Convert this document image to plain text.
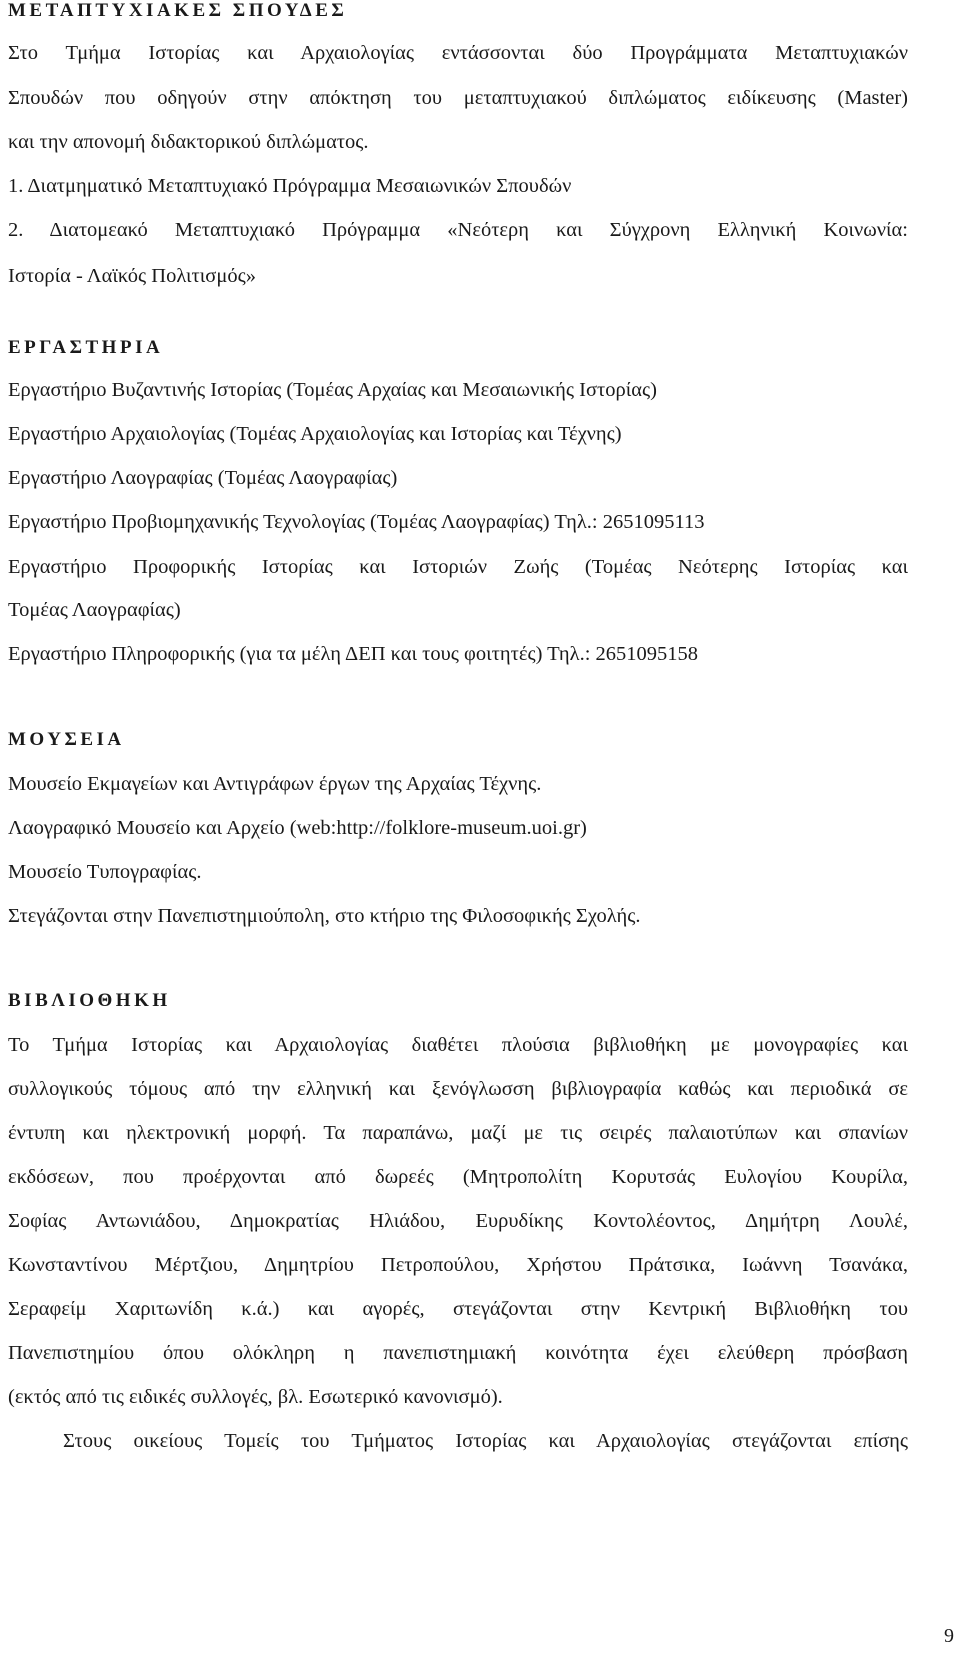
ΜΕΤΑΠΤΥΧΙΑΚΕΣ ΣΠΟΥΔΕΣ

Στο Τμήμα Ιστορίας και Αρχαιολογίας εντάσσονται δύο Προγράμματα Μεταπτυχιακών

Σπουδών που οδηγούν στην απόκτηση του μεταπτυχιακού διπλώματος ειδίκευσης (Master)

και την απονομή διδακτορικού διπλώματος.

1. Διατμηματικό Μεταπτυχιακό Πρόγραμμα Μεσαιωνικών Σπουδών

2. Διατομεακό Μεταπτυχιακό Πρόγραμμα «Νεότερη και Σύγχρονη Ελληνική Κοινωνία:

Ιστορία - Λαϊκός Πολιτισμός»

ΕΡΓΑΣΤΗΡΙΑ

Εργαστήριο Βυζαντινής Ιστορίας (Τομέας Αρχαίας και Μεσαιωνικής Ιστορίας)

Εργαστήριο Αρχαιολογίας (Τομέας Αρχαιολογίας και Ιστορίας και Τέχνης)

Εργαστήριο Λαογραφίας (Τομέας Λαογραφίας)

Εργαστήριο Προβιομηχανικής Τεχνολογίας (Τομέας Λαογραφίας) Τηλ.: 2651095113

Εργαστήριο Προφορικής Ιστορίας και Ιστοριών Ζωής (Τομέας Νεότερης Ιστορίας και

Τομέας Λαογραφίας)

Εργαστήριο Πληροφορικής (για τα μέλη ΔΕΠ και τους φοιτητές) Τηλ.: 2651095158

ΜΟΥΣΕΙΑ

Μουσείο Εκμαγείων και Αντιγράφων έργων της Αρχαίας Τέχνης.

Λαογραφικό Μουσείο και Αρχείο (web:http://folklore-museum.uoi.gr)

Μουσείο Τυπογραφίας.

Στεγάζονται στην Πανεπιστημιούπολη, στο κτήριο της Φιλοσοφικής Σχολής.

ΒΙΒΛΙΟΘΗΚΗ

Το Τμήμα Ιστορίας και Αρχαιολογίας διαθέτει πλούσια βιβλιοθήκη με μονογραφίες και

συλλογικούς τόμους από την ελληνική και ξενόγλωσση βιβλιογραφία καθώς και περιοδικά σε

έντυπη και ηλεκτρονική μορφή. Τα παραπάνω, μαζί με τις σειρές παλαιοτύπων και σπανίων

εκδόσεων, που προέρχονται από δωρεές (Μητροπολίτη Κορυτσάς Ευλογίου Κουρίλα,

Σοφίας Αντωνιάδου, Δημοκρατίας Ηλιάδου, Ευρυδίκης Κοντολέοντος, Δημήτρη Λουλέ,

Κωνσταντίνου Μέρτζιου, Δημητρίου Πετροπούλου, Χρήστου Πράτσικα, Ιωάννη Τσανάκα,

Σεραφείμ Χαριτωνίδη κ.ά.) και αγορές, στεγάζονται στην Κεντρική Βιβλιοθήκη του

Πανεπιστημίου όπου ολόκληρη η πανεπιστημιακή κοινότητα έχει ελεύθερη πρόσβαση

(εκτός από τις ειδικές συλλογές, βλ. Εσωτερικό κανονισμό).

Στους οικείους Τομείς του Τμήματος Ιστορίας και Αρχαιολογίας στεγάζονται επίσης

9
